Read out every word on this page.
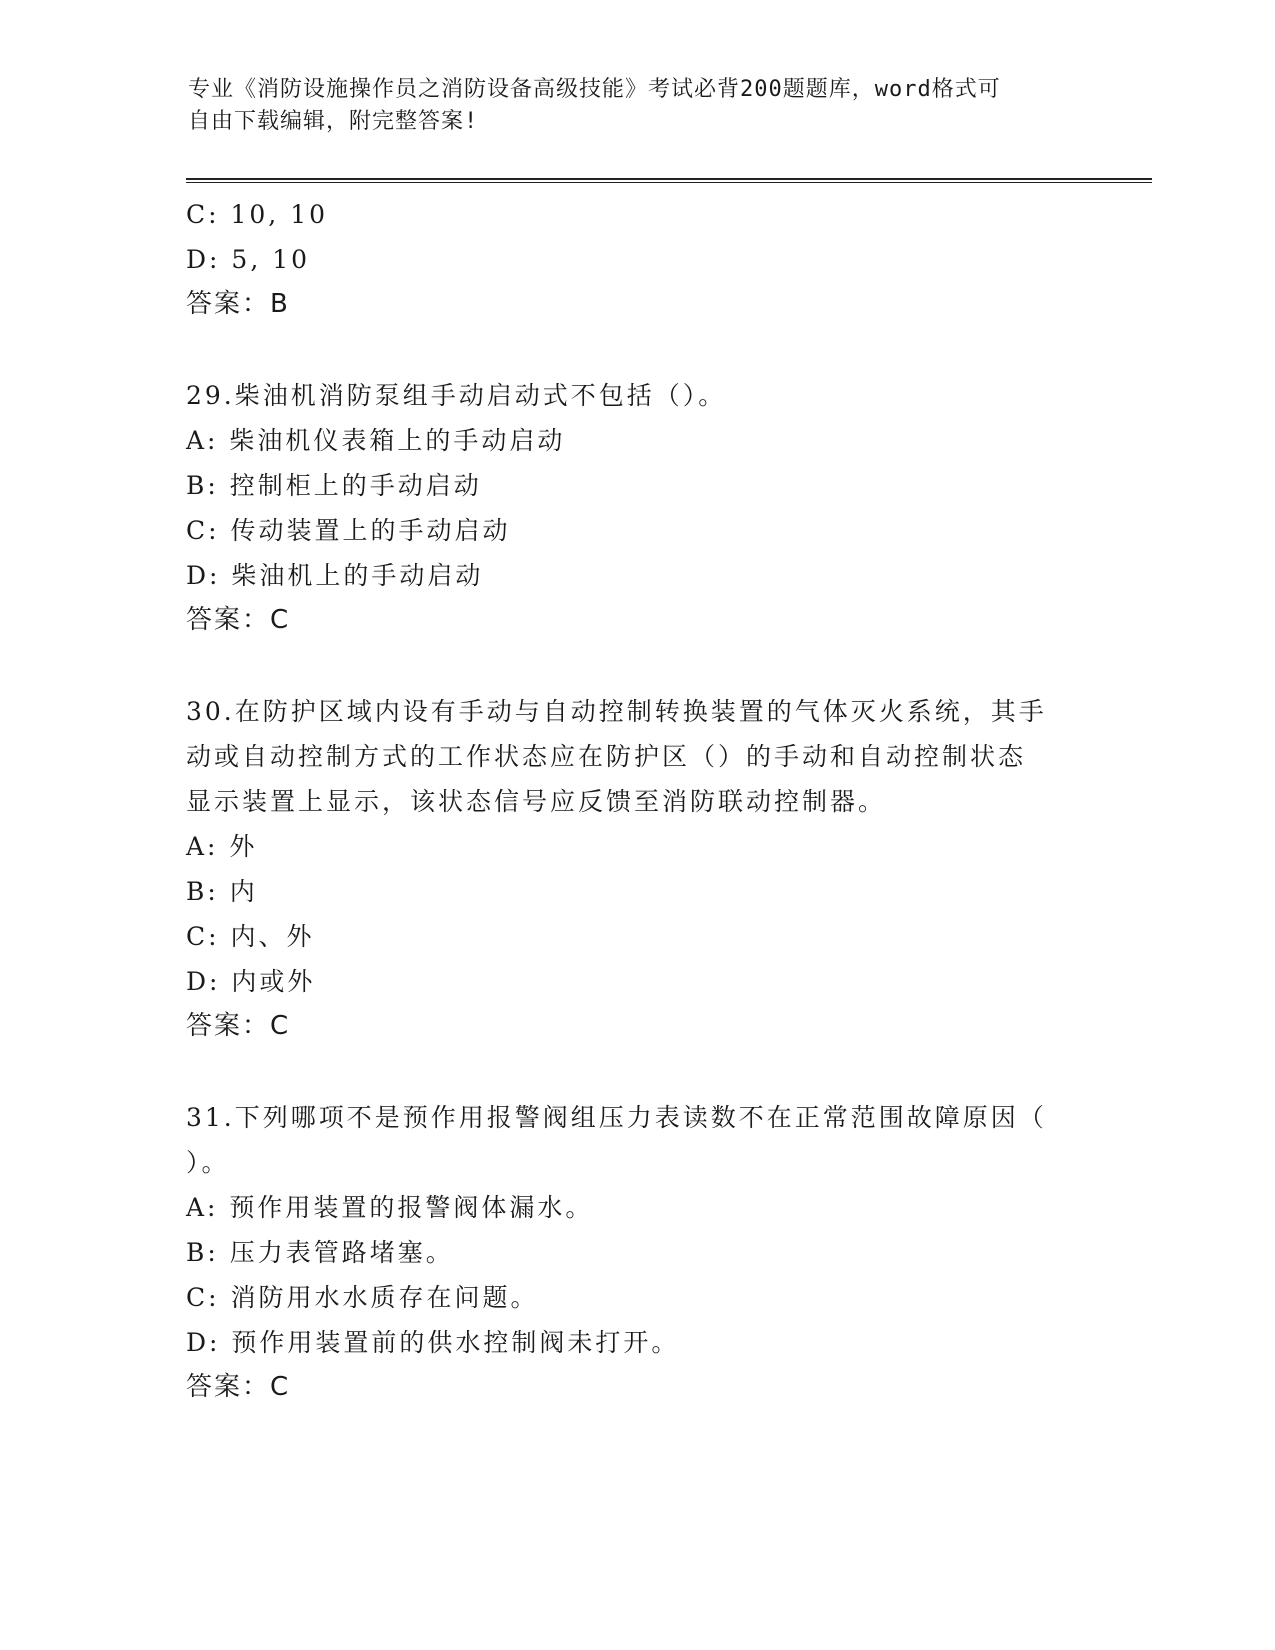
专业《消防设施操作员之消防设备高级技能》考试必背200题题库，word格式可
自由下载编辑，附完整答案!
C: 10, 10
D: 5, 10
答案：B
29.柴油机消防泵组手动启动式不包括（）。
A: 柴油机仪表箱上的手动启动
B: 控制柜上的手动启动
C: 传动装置上的手动启动
D: 柴油机上的手动启动
答案：C
30.在防护区域内设有手动与自动控制转换装置的气体灭火系统，其手
动或自动控制方式的工作状态应在防护区（）的手动和自动控制状态
显示装置上显示，该状态信号应反馈至消防联动控制器。
A: 外
B: 内
C: 内、外
D: 内或外
答案：C
31.下列哪项不是预作用报警阀组压力表读数不在正常范围故障原因（
）。
A: 预作用装置的报警阀体漏水。
B: 压力表管路堵塞。
C: 消防用水水质存在问题。
D: 预作用装置前的供水控制阀未打开。
答案：C
